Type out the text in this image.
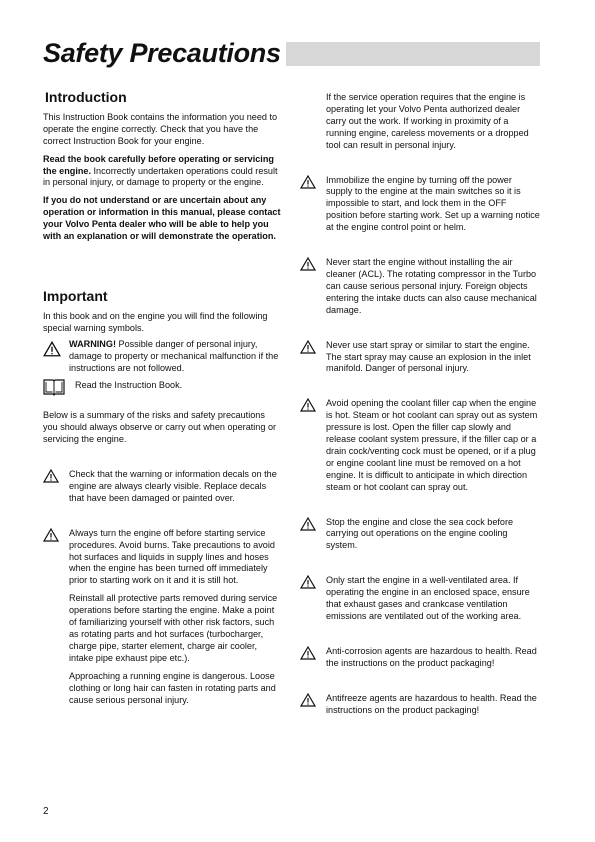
Safety Precautions
Introduction

This Instruction Book contains the information you need to operate the engine correctly. Check that you have the correct Instruction Book for your engine.

Read the book carefully before operating or servicing the engine. Incorrectly undertaken operations could result in personal injury, or damage to property or the engine.

If you do not understand or are uncertain about any operation or information in this manual, please contact your Volvo Penta dealer who will be able to help you with an explanation or will demonstrate the operation.

Important

In this book and on the engine you will find the following special warning symbols.

WARNING! Possible danger of personal injury, damage to property or mechanical malfunction if the instructions are not followed.

Read the Instruction Book.

Below is a summary of the risks and safety precautions you should always observe or carry out when operating or servicing the engine.

Check that the warning or information decals on the engine are always clearly visible. Replace decals that have been damaged or painted over.

Always turn the engine off before starting service procedures. Avoid burns. Take precautions to avoid hot surfaces and liquids in supply lines and hoses when the engine has been turned off immediately prior to starting work on it and it is still hot.

Reinstall all protective parts removed during service operations before starting the engine. Make a point of familiarizing yourself with other risk factors, such as rotating parts and hot surfaces (turbocharger, charge pipe, starter element, charge air cooler, intake pipe exhaust pipe etc.).

Approaching a running engine is dangerous. Loose clothing or long hair can fasten in rotating parts and cause serious personal injury.

If the service operation requires that the engine is operating let your Volvo Penta authorized dealer carry out the work. If working in proximity of a running engine, careless movements or a dropped tool can result in personal injury.

Immobilize the engine by turning off the power supply to the engine at the main switches so it is impossible to start, and lock them in the OFF position before starting work. Set up a warning notice at the engine control point or helm.

Never start the engine without installing the air cleaner (ACL). The rotating compressor in the Turbo can cause serious personal injury. Foreign objects entering the intake ducts can also cause mechanical damage.

Never use start spray or similar to start the engine. The start spray may cause an explosion in the inlet manifold. Danger of personal injury.

Avoid opening the coolant filler cap when the engine is hot. Steam or hot coolant can spray out as system pressure is lost. Open the filler cap slowly and release coolant system pressure, if the filler cap or a drain cock/venting cock must be opened, or if a plug or engine coolant line must be removed on a hot engine. It is difficult to anticipate in which direction steam or hot coolant can spray out.

Stop the engine and close the sea cock before carrying out operations on the engine cooling system.

Only start the engine in a well-ventilated area. If operating the engine in an enclosed space, ensure that exhaust gases and crankcase ventilation emissions are ventilated out of the working area.

Anti-corrosion agents are hazardous to health. Read the instructions on the product packaging!

Antifreeze agents are hazardous to health. Read the instructions on the product packaging!

2
